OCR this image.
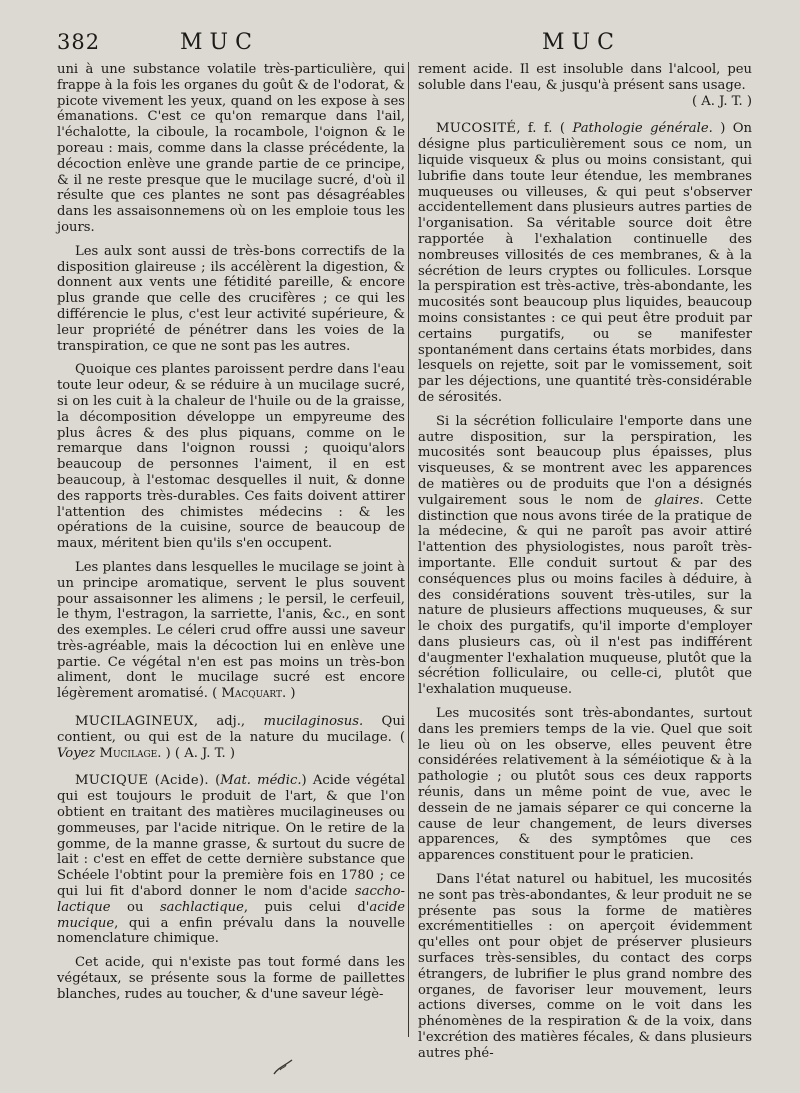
382	MUC	MUC

uni à une substance volatile très-particulière, qui frappe à la fois les organes du goût & de l'odorat, & picote vivement les yeux, quand on les expose à ses émanations. C'est ce qu'on remarque dans l'ail, l'échalotte, la ciboule, la rocambole, l'oignon & le poreau : mais, comme dans la classe précédente, la décoction enlève une grande partie de ce principe, & il ne reste presque que le mucilage sucré, d'où il résulte que ces plantes ne sont pas désagréables dans les assaisonnemens où on les emploie tous les jours.

Les aulx sont aussi de très-bons correctifs de la disposition glaireuse ; ils accélèrent la digestion, & donnent aux vents une fétidité pareille, & encore plus grande que celle des crucifères ; ce qui les différencie le plus, c'est leur activité supérieure, & leur propriété de pénétrer dans les voies de la transpiration, ce que ne sont pas les autres.

Quoique ces plantes paroissent perdre dans l'eau toute leur odeur, & se réduire à un mucilage sucré, si on les cuit à la chaleur de l'huile ou de la graisse, la décomposition développe un empyreume des plus âcres & des plus piquans, comme on le remarque dans l'oignon roussi ; quoiqu'alors beaucoup de personnes l'aiment, il en est beaucoup, à l'estomac desquelles il nuit, & donne des rapports très-durables. Ces faits doivent attirer l'attention des chimistes médecins : & les opérations de la cuisine, source de beaucoup de maux, méritent bien qu'ils s'en occupent.

Les plantes dans lesquelles le mucilage se joint à un principe aromatique, servent le plus souvent pour assaisonner les alimens ; le persil, le cerfeuil, le thym, l'estragon, la sarriette, l'anis, &c., en sont des exemples. Le céleri crud offre aussi une saveur très-agréable, mais la décoction lui en enlève une partie. Ce végétal n'en est pas moins un très-bon aliment, dont le mucilage sucré est encore légèrement aromatisé. ( Macquart. )

MUCILAGINEUX, adj., mucilaginosus. Qui contient, ou qui est de la nature du mucilage. ( Voyez Mucilage. ) ( A. J. T. )

MUCIQUE (Acide). (Mat. médic.) Acide végétal qui est toujours le produit de l'art, & que l'on obtient en traitant des matières mucilagineuses ou gommeuses, par l'acide nitrique. On le retire de la gomme, de la manne grasse, & surtout du sucre de lait : c'est en effet de cette dernière substance que Schéele l'obtint pour la première fois en 1780 ; ce qui lui fit d'abord donner le nom d'acide saccho-lactique ou sachlactique, puis celui d'acide mucique, qui a enfin prévalu dans la nouvelle nomenclature chimique.

Cet acide, qui n'existe pas tout formé dans les végétaux, se présente sous la forme de paillettes blanches, rudes au toucher, & d'une saveur légè-

rement acide. Il est insoluble dans l'alcool, peu soluble dans l'eau, & jusqu'à présent sans usage.

( A. J. T. )

MUCOSITÉ, f. f. ( Pathologie générale. ) On désigne plus particulièrement sous ce nom, un liquide visqueux & plus ou moins consistant, qui lubrifie dans toute leur étendue, les membranes muqueuses ou villeuses, & qui peut s'observer accidentellement dans plusieurs autres parties de l'organisation. Sa véritable source doit être rapportée à l'exhalation continuelle des nombreuses villosités de ces membranes, & à la sécrétion de leurs cryptes ou follicules. Lorsque la perspiration est très-active, très-abondante, les mucosités sont beaucoup plus liquides, beaucoup moins consistantes : ce qui peut être produit par certains purgatifs, ou se manifester spontanément dans certains états morbides, dans lesquels on rejette, soit par le vomissement, soit par les déjections, une quantité très-considérable de sérosités.

Si la sécrétion folliculaire l'emporte dans une autre disposition, sur la perspiration, les mucosités sont beaucoup plus épaisses, plus visqueuses, & se montrent avec les apparences de matières ou de produits que l'on a désignés vulgairement sous le nom de glaires. Cette distinction que nous avons tirée de la pratique de la médecine, & qui ne paroît pas avoir attiré l'attention des physiologistes, nous paroît très-importante. Elle conduit surtout & par des conséquences plus ou moins faciles à déduire, à des considérations souvent très-utiles, sur la nature de plusieurs affections muqueuses, & sur le choix des purgatifs, qu'il importe d'employer dans plusieurs cas, où il n'est pas indifférent d'augmenter l'exhalation muqueuse, plutôt que la sécrétion folliculaire, ou celle-ci, plutôt que l'exhalation muqueuse.

Les mucosités sont très-abondantes, surtout dans les premiers temps de la vie. Quel que soit le lieu où on les observe, elles peuvent être considérées relativement à la séméiotique & à la pathologie ; ou plutôt sous ces deux rapports réunis, dans un même point de vue, avec le dessein de ne jamais séparer ce qui concerne la cause de leur changement, de leurs diverses apparences, & des symptômes que ces apparences constituent pour le praticien.

Dans l'état naturel ou habituel, les mucosités ne sont pas très-abondantes, & leur produit ne se présente pas sous la forme de matières excrémentitielles : on aperçoit évidemment qu'elles ont pour objet de préserver plusieurs surfaces très-sensibles, du contact des corps étrangers, de lubrifier le plus grand nombre des organes, de favoriser leur mouvement, leurs actions diverses, comme on le voit dans les phénomènes de la respiration & de la voix, dans l'excrétion des matières fécales, & dans plusieurs autres phé-
